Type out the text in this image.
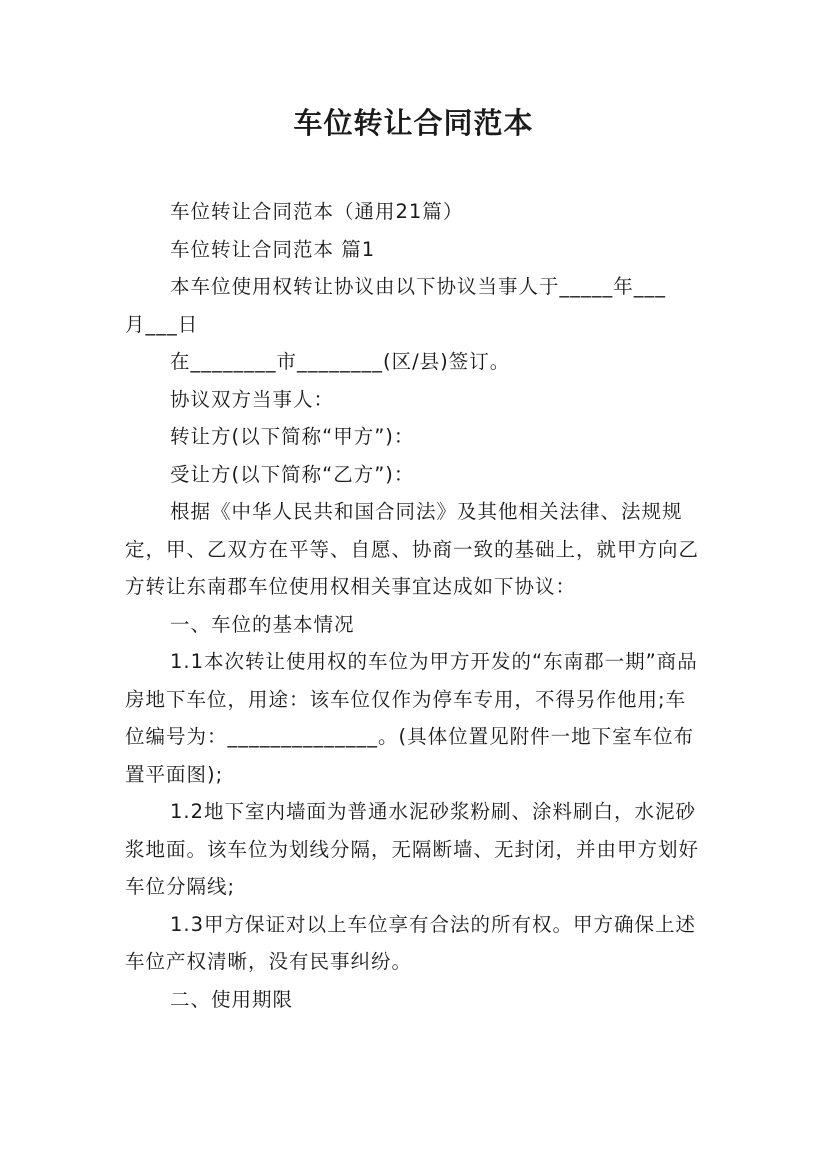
车位转让合同范本

车位转让合同范本（通用21篇）

车位转让合同范本 篇1

本车位使用权转让协议由以下协议当事人于_____年___

月___日

在________市________(区/县)签订。

协议双方当事人：

转让方(以下简称“甲方”)：

受让方(以下简称“乙方”)：

根据《中华人民共和国合同法》及其他相关法律、法规规定，甲、乙双方在平等、自愿、协商一致的基础上，就甲方向乙方转让东南郡车位使用权相关事宜达成如下协议：

一、车位的基本情况

1.1本次转让使用权的车位为甲方开发的“东南郡一期”商品房地下车位，用途：该车位仅作为停车专用，不得另作他用;车位编号为：______________。(具体位置见附件一地下室车位布置平面图);

1.2地下室内墙面为普通水泥砂浆粉刷、涂料刷白，水泥砂浆地面。该车位为划线分隔，无隔断墙、无封闭，并由甲方划好车位分隔线;

1.3甲方保证对以上车位享有合法的所有权。甲方确保上述车位产权清晰，没有民事纠纷。

二、使用期限
